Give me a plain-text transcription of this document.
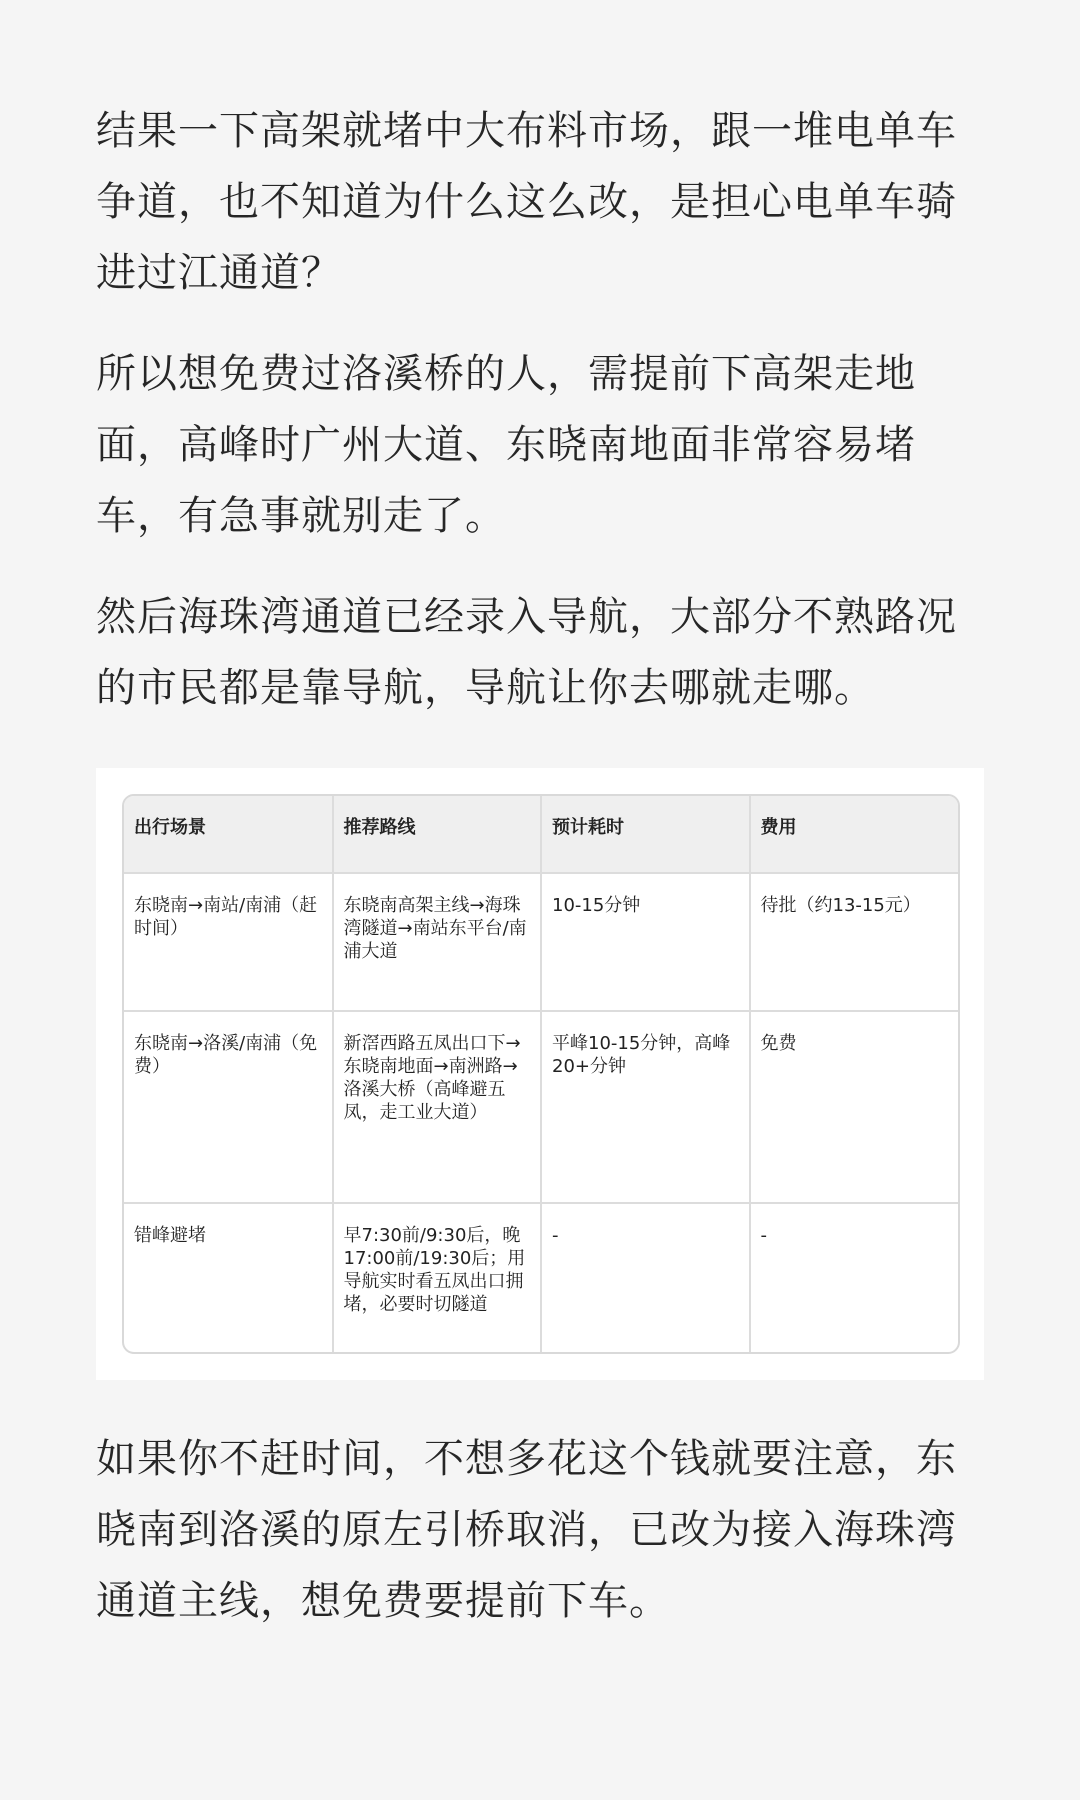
结果一下高架就堵中大布料市场，跟一堆电单车争道，也不知道为什么这么改，是担心电单车骑进过江通道？

所以想免费过洛溪桥的人，需提前下高架走地面，高峰时广州大道、东晓南地面非常容易堵车，有急事就别走了。

然后海珠湾通道已经录入导航，大部分不熟路况的市民都是靠导航，导航让你去哪就走哪。

出行场景	推荐路线	预计耗时	费用
东晓南→南站/南浦（赶时间）	东晓南高架主线→海珠湾隧道→南站东平台/南浦大道	10-15分钟	待批（约13-15元）
东晓南→洛溪/南浦（免费）	新滘西路五凤出口下→东晓南地面→南洲路→洛溪大桥（高峰避五凤，走工业大道）	平峰10-15分钟，高峰20+分钟	免费
错峰避堵	早7:30前/9:30后，晚17:00前/19:30后；用导航实时看五凤出口拥堵，必要时切隧道	-	-

如果你不赶时间，不想多花这个钱就要注意，东晓南到洛溪的原左引桥取消，已改为接入海珠湾通道主线，想免费要提前下车。
